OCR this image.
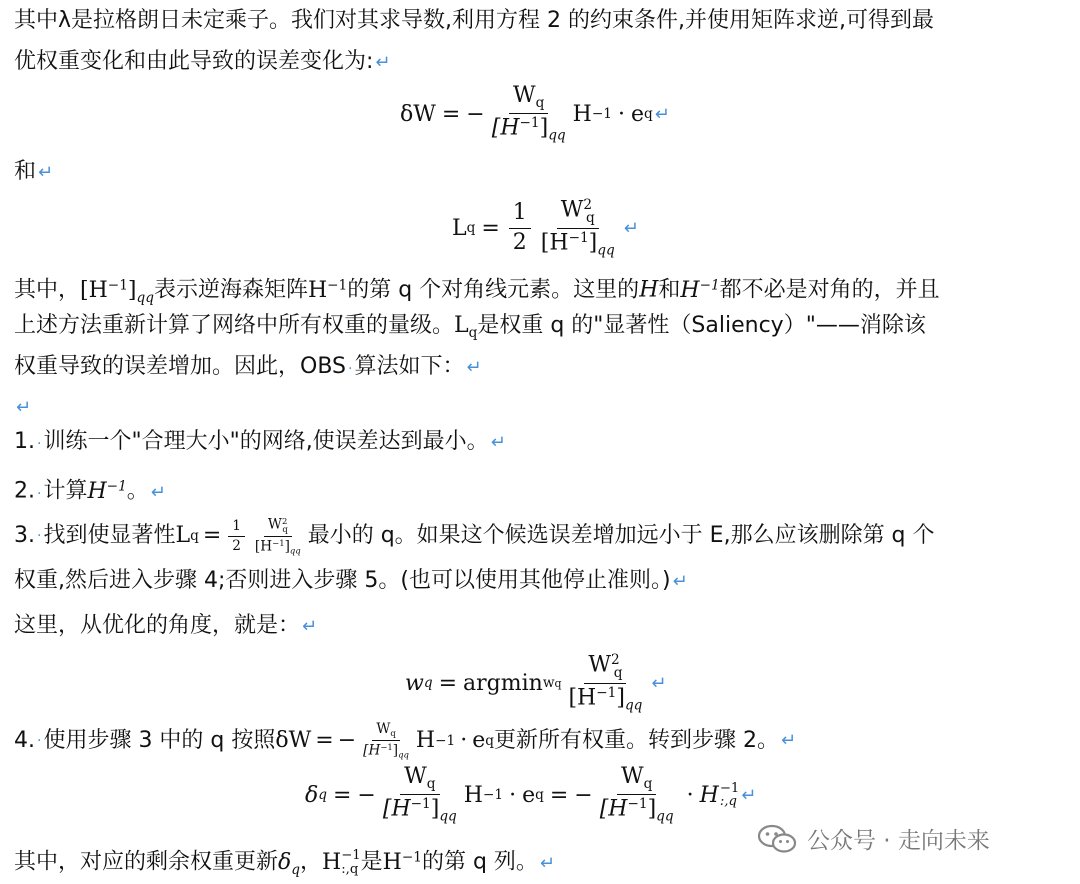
其中λ是拉格朗日未定乘子。我们对其求导数,利用方程 2 的约束条件,并使用矩阵求逆,可得到最
优权重变化和由此导致的误差变化为: ↵
δW = − $\frac{W_q}{[H^{-1}]_{qq}}$ H −1 · e q ↵
和 ↵
L $q = \frac{1}{2} \frac{W^2_q}{[H^{-1}]_{qq}}$ ↵
其中，$[H^{-1}]_{qq}$表示逆海森矩阵$H^{-1}$的第 q 个对角线元素。这里的H和$H^{-1}$都不必是对角的，并且
上述方法重新计算了网络中所有权重的量级。$L_q$是权重 q 的"显著性（Saliency）"——消除该
权重导致的误差增加。因此，OBS ·算法如下： ↵
↵
1. ·训练一个"合理大小"的网络,使误差达到最小。 ↵
2. ·计算$H^{-1}$。 ↵
3. · 找到使显著性 L $q = \frac{1}{2} \frac{W^2_q}{[H^{-1}]_{qq}}$ 最小的 q。如果这个候选误差增加远小于 E,那么应该删除第 q 个
权重,然后进入步骤 4;否则进入步骤 5。(也可以使用其他停止准则。) ↵
这里，从优化的角度，就是： ↵
w q = argmin wq $\frac{W^2_q}{[H^{-1}]_{qq}}$ ↵
4. · 使用步骤 3 中的 q 按照 δW = − $\frac{W_q}{[H^{-1}]_{qq}}$ H −1 · e q 更新所有权重。转到步骤 2。 ↵
δ q = − $\frac{W_q}{[H^{-1}]_{qq}}$ H −1 · e q = − $\frac{W_q}{[H^{-1}]_{qq}} \cdot H -1$
:,q ↵
其中，对应的剩余权重更新$\delta_q$，H −1
:,q 是$H^{-1}$的第 q 列。 ↵
公众号 · 走向未来
